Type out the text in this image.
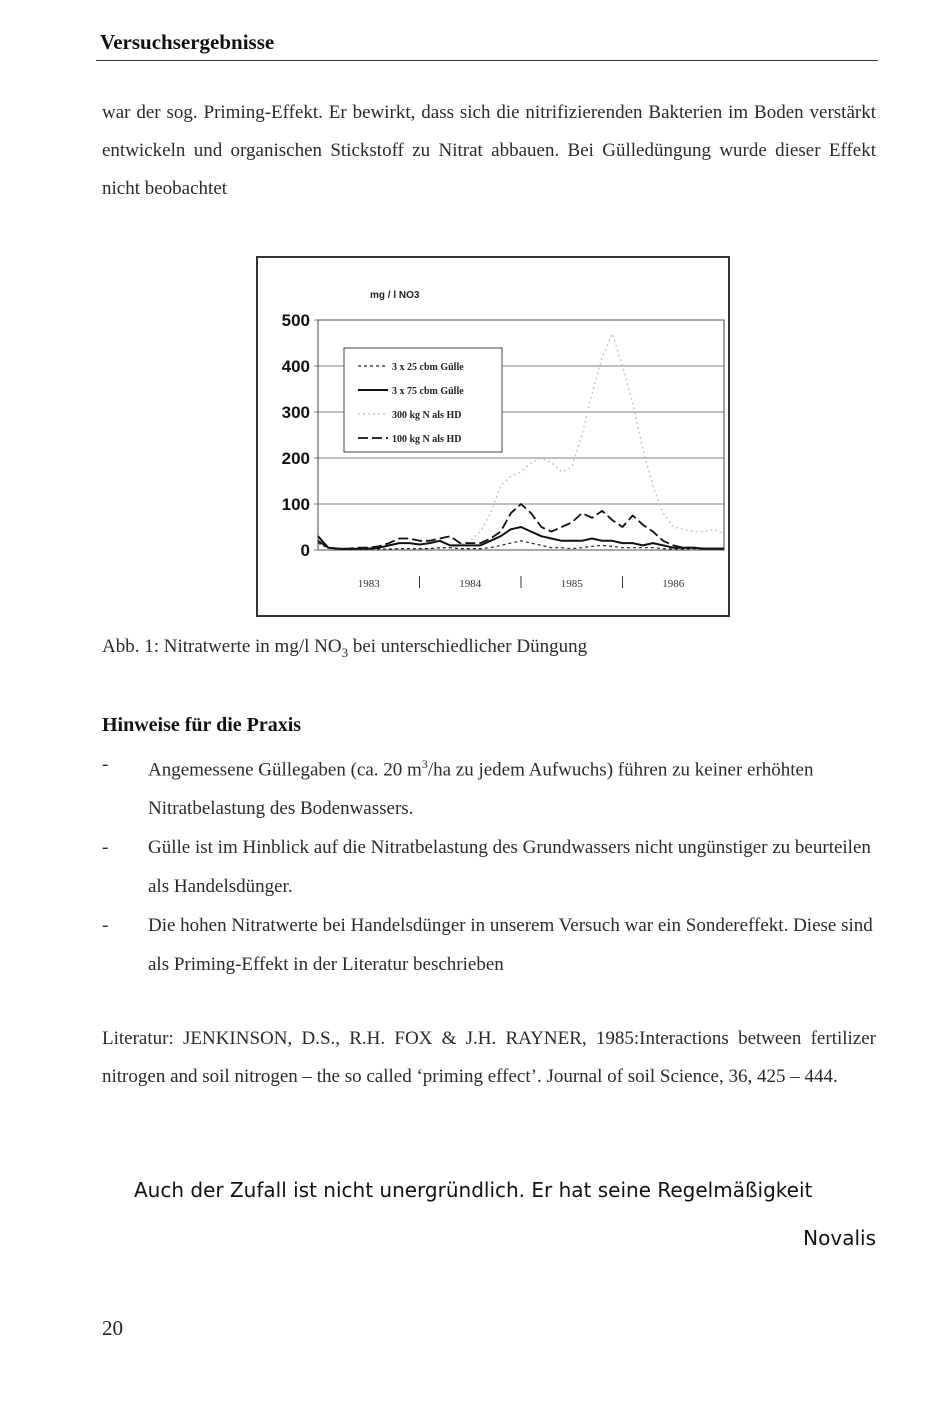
Versuchsergebnisse

war der sog. Priming-Effekt. Er bewirkt, dass sich die nitrifizierenden Bakterien im Boden verstärkt entwickeln und organischen Stickstoff zu Nitrat abbauen. Bei Gülledüngung wurde dieser Effekt nicht beobachtet

0
100
200
300
400
500
1983	1984	1985	1986
mg / l NO3
3 x 25 cbm Gülle
3 x 75 cbm Gülle
300 kg N als HD
100 kg N als HD
Abb. 1: Nitratwerte in mg/l $NO_3$ bei unterschiedlicher Düngung
Hinweise für die Praxis
- Angemessene Güllegaben (ca. 20 $m^3/ha$ zu jedem Aufwuchs) führen zu keiner erhöhten Nitratbelastung des Bodenwassers.
- Gülle ist im Hinblick auf die Nitratbelastung des Grundwassers nicht ungünstiger zu beurteilen als Handelsdünger.
- Die hohen Nitratwerte bei Handelsdünger in unserem Versuch war ein Sondereffekt. Diese sind als Priming-Effekt in der Literatur beschrieben

Literatur: JENKINSON, D.S., R.H. FOX & J.H. RAYNER, 1985:Interactions between fertilizer nitrogen and soil nitrogen – the so called ‘priming effect’. Journal of soil Science, 36, 425 – 444.

Auch der Zufall ist nicht unergründlich. Er hat seine Regelmäßigkeit
Novalis
20
